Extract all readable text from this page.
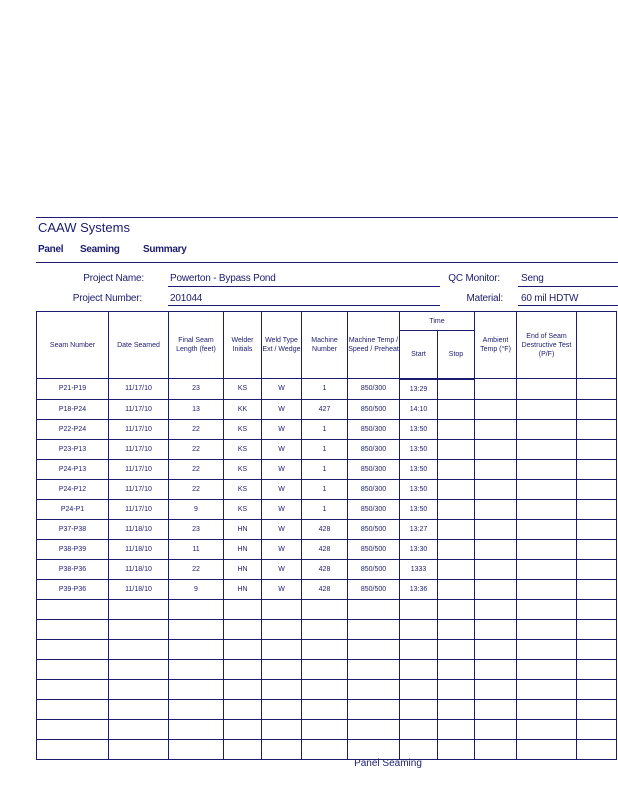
CAAW Systems
Panel Seaming Summary
Project Name:	Powerton - Bypass Pond	QC Monitor: Seng
Project Number:	201044	Material: 60 mil HDTW
Seam Number	Date Seamed	Final Seam Length (feet)	Welder Initials	Weld Type Ext / Wedge	Machine Number	Machine Temp / Speed / Preheat	Time		Ambient Temp (°F)	End of Seam Destructive Test (P/F)	
							Start	Stop			
P21-P19	11/17/10	23	KS	W	1	850/300	13:29				
P18-P24	11/17/10	13	KK	W	427	850/500	14:10				
P22-P24	11/17/10	22	KS	W	1	850/300	13:50				
P23-P13	11/17/10	22	KS	W	1	850/300	13:50				
P24-P13	11/17/10	22	KS	W	1	850/300	13:50				
P24-P12	11/17/10	22	KS	W	1	850/300	13:50				
P24-P1	11/17/10	9	KS	W	1	850/300	13:50				
P37-P38	11/18/10	23	HN	W	428	850/500	13:27				
P38-P39	11/18/10	11	HN	W	428	850/500	13:30				
P38-P36	11/18/10	22	HN	W	428	850/500	1333				
P39-P36	11/18/10	9	HN	W	428	850/500	13:36				

Panel Seaming
